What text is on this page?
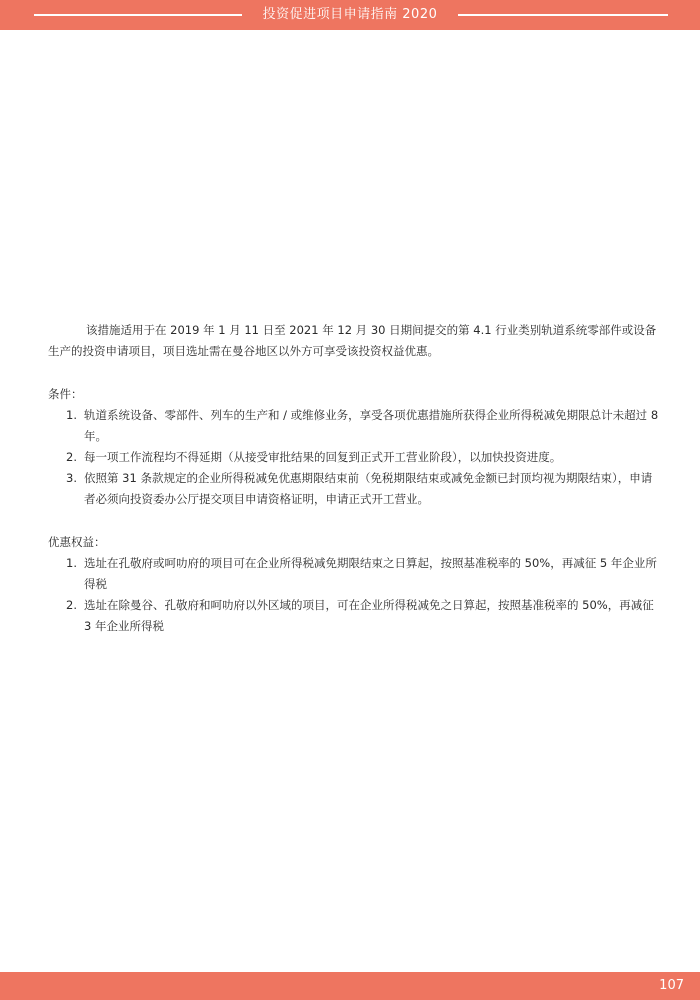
投资促进项目申请指南 2020

该措施适用于在 2019 年 1 月 11 日至 2021 年 12 月 30 日期间提交的第 4.1 行业类别轨道系统零部件或设备生产的投资申请项目，项目选址需在曼谷地区以外方可享受该投资权益优惠。

条件：
1. 轨道系统设备、零部件、列车的生产和 / 或维修业务，享受各项优惠措施所获得企业所得税减免期限总计未超过 8 年。
2. 每一项工作流程均不得延期（从接受审批结果的回复到正式开工营业阶段），以加快投资进度。
3. 依照第 31 条款规定的企业所得税减免优惠期限结束前（免税期限结束或减免金额已封顶均视为期限结束），申请者必须向投资委办公厅提交项目申请资格证明，申请正式开工营业。
优惠权益：
1. 选址在孔敬府或呵叻府的项目可在企业所得税减免期限结束之日算起，按照基准税率的 50%，再减征 5 年企业所得税
2. 选址在除曼谷、孔敬府和呵叻府以外区域的项目，可在企业所得税减免之日算起，按照基准税率的 50%，再减征 3 年企业所得税
107
